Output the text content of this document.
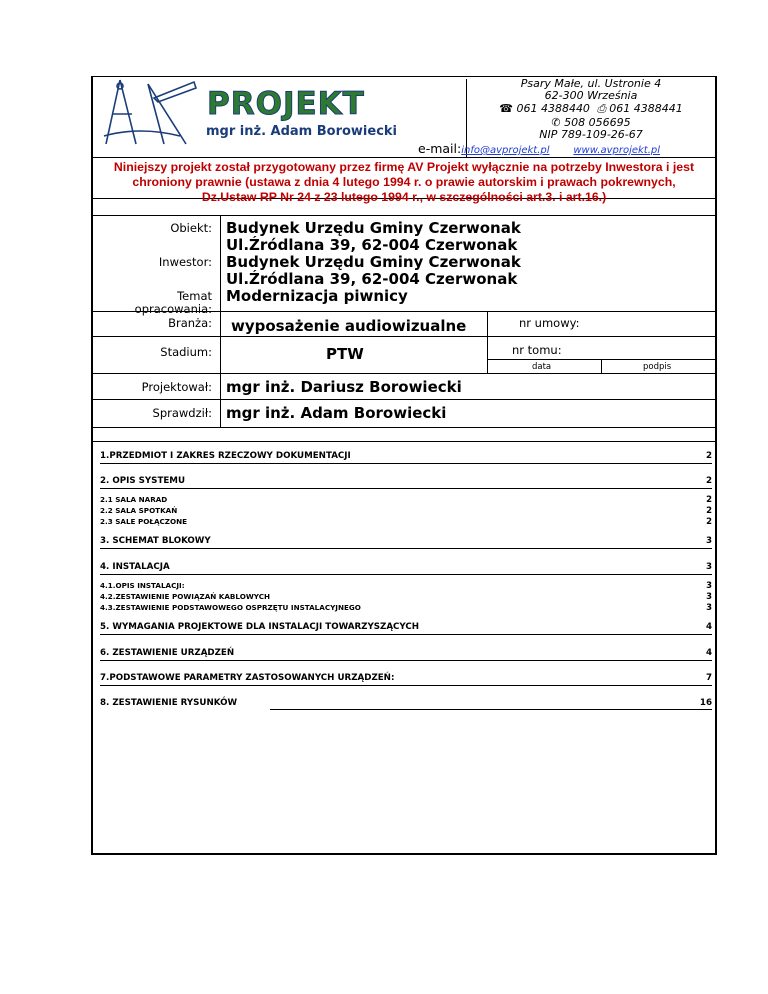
PROJEKT
mgr inż. Adam Borowiecki
Psary Małe, ul. Ustronie 4
62-300 Września
☎ 061 4388440 ⎙ 061 4388441
✆ 508 056695
NIP 789-109-26-67
e-mail:info@avprojekt.pl www.avprojekt.pl
Niniejszy projekt został przygotowany przez firmę AV Projekt wyłącznie na potrzeby Inwestora i jest
chroniony prawnie (ustawa z dnia 4 lutego 1994 r. o prawie autorskim i prawach pokrewnych,
Dz.Ustaw RP Nr 24 z 23 lutego 1994 r., w szczególności art.3. i art.16.)
Obiekt: Budynek Urzędu Gminy Czerwonak
Ul.Źródlana 39, 62-004 Czerwonak
Inwestor: Budynek Urzędu Gminy Czerwonak
Ul.Źródlana 39, 62-004 Czerwonak
Temat
opracowania:
Modernizacja piwnicy
Branża: wyposażenie audiowizualne	nr umowy:
Stadium:	PTW	nr tomu:
data	podpis
Projektował: mgr inż. Dariusz Borowiecki
Sprawdził: mgr inż. Adam Borowiecki
1.PRZEDMIOT I ZAKRES RZECZOWY DOKUMENTACJI	2
2. OPIS SYSTEMU	2
2.1 SALA NARAD	2
2.2 SALA SPOTKAŃ	2
2.3 SALE POŁĄCZONE	2
3. SCHEMAT BLOKOWY	3
4. INSTALACJA	3
4.1.OPIS INSTALACJI:	3
4.2.ZESTAWIENIE POWIĄZAŃ KABLOWYCH	3
4.3.ZESTAWIENIE PODSTAWOWEGO OSPRZĘTU INSTALACYJNEGO	3
5. WYMAGANIA PROJEKTOWE DLA INSTALACJI TOWARZYSZĄCYCH	4
6. ZESTAWIENIE URZĄDZEŃ	4
7.PODSTAWOWE PARAMETRY ZASTOSOWANYCH URZĄDZEŃ:	7
8. ZESTAWIENIE RYSUNKÓW	16
